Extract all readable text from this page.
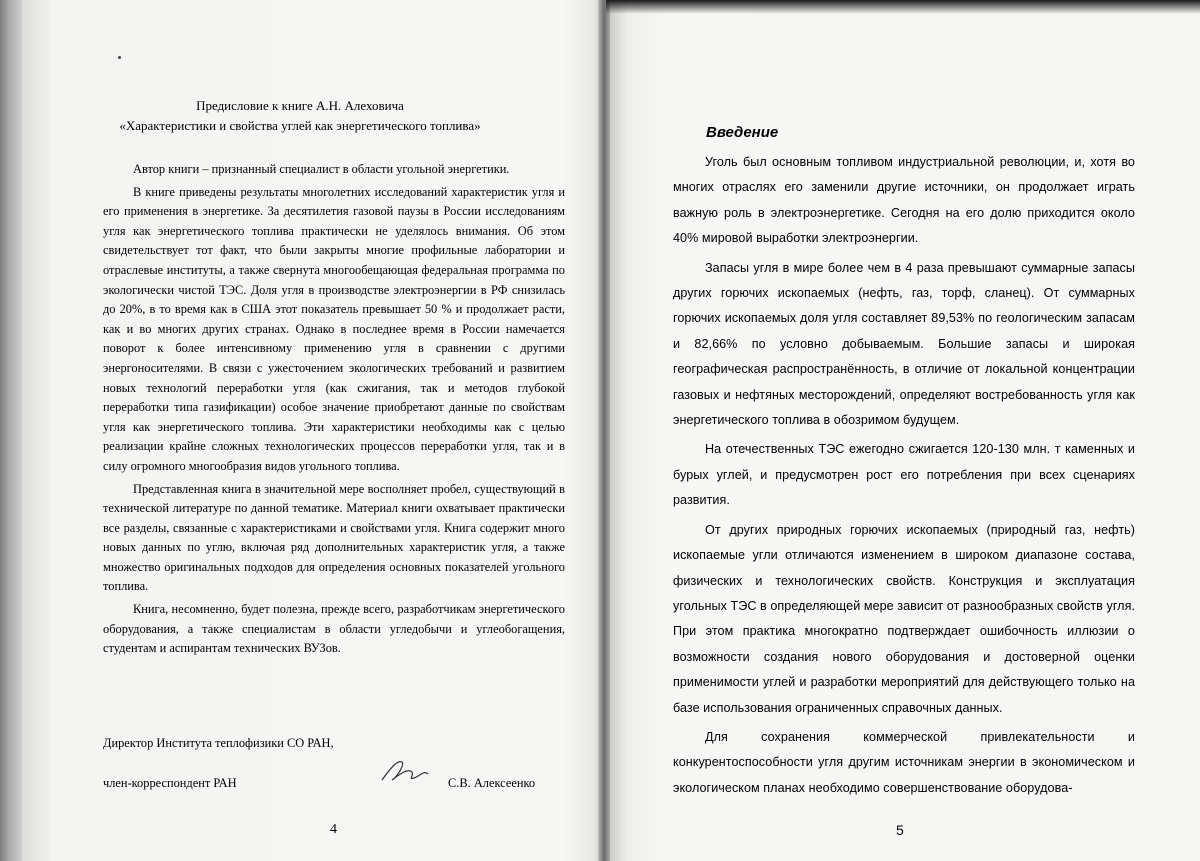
Предисловие к книге А.Н. Алеховича
«Характеристики и свойства углей как энергетического топлива»

Автор книги – признанный специалист в области угольной энергетики.

В книге приведены результаты многолетних исследований характеристик угля и его применения в энергетике. За десятилетия газовой паузы в России исследованиям угля как энергетического топлива практически не уделялось внимания. Об этом свидетельствует тот факт, что были закрыты многие профильные лаборатории и отраслевые институты, а также свернута многообещающая федеральная программа по экологически чистой ТЭС. Доля угля в производстве электроэнергии в РФ снизилась до 20%, в то время как в США этот показатель превышает 50 % и продолжает расти, как и во многих других странах. Однако в последнее время в России намечается поворот к более интенсивному применению угля в сравнении с другими энергоносителями. В связи с ужесточением экологических требований и развитием новых технологий переработки угля (как сжигания, так и методов глубокой переработки типа газификации) особое значение приобретают данные по свойствам угля как энергетического топлива. Эти характеристики необходимы как с целью реализации крайне сложных технологических процессов переработки угля, так и в силу огромного многообразия видов угольного топлива.

Представленная книга в значительной мере восполняет пробел, существующий в технической литературе по данной тематике. Материал книги охватывает практически все разделы, связанные с характеристиками и свойствами угля. Книга содержит много новых данных по углю, включая ряд дополнительных характеристик угля, а также множество оригинальных подходов для определения основных показателей угольного топлива.

Книга, несомненно, будет полезна, прежде всего, разработчикам энергетического оборудования, а также специалистам в области угледобычи и углеобогащения, студентам и аспирантам технических ВУЗов.

Директор Института теплофизики СО РАН,
член-корреспондент РАН	С.В. Алексеенко
4
Введение

Уголь был основным топливом индустриальной революции, и, хотя во многих отраслях его заменили другие источники, он продолжает играть важную роль в электроэнергетике. Сегодня на его долю приходится около 40% мировой выработки электроэнергии.

Запасы угля в мире более чем в 4 раза превышают суммарные запасы других горючих ископаемых (нефть, газ, торф, сланец). От суммарных горючих ископаемых доля угля составляет 89,53% по геологическим запасам и 82,66% по условно добываемым. Большие запасы и широкая географическая распространённость, в отличие от локальной концентрации газовых и нефтяных месторождений, определяют востребованность угля как энергетического топлива в обозримом будущем.

На отечественных ТЭС ежегодно сжигается 120-130 млн. т каменных и бурых углей, и предусмотрен рост его потребления при всех сценариях развития.

От других природных горючих ископаемых (природный газ, нефть) ископаемые угли отличаются изменением в широком диапазоне состава, физических и технологических свойств. Конструкция и эксплуатация угольных ТЭС в определяющей мере зависит от разнообразных свойств угля. При этом практика многократно подтверждает ошибочность иллюзии о возможности создания нового оборудования и достоверной оценки применимости углей и разработки мероприятий для действующего только на базе использования ограниченных справочных данных.

Для сохранения коммерческой привлекательности и конкурентоспособности угля другим источникам энергии в экономическом и экологическом планах необходимо совершенствование оборудова-

5
